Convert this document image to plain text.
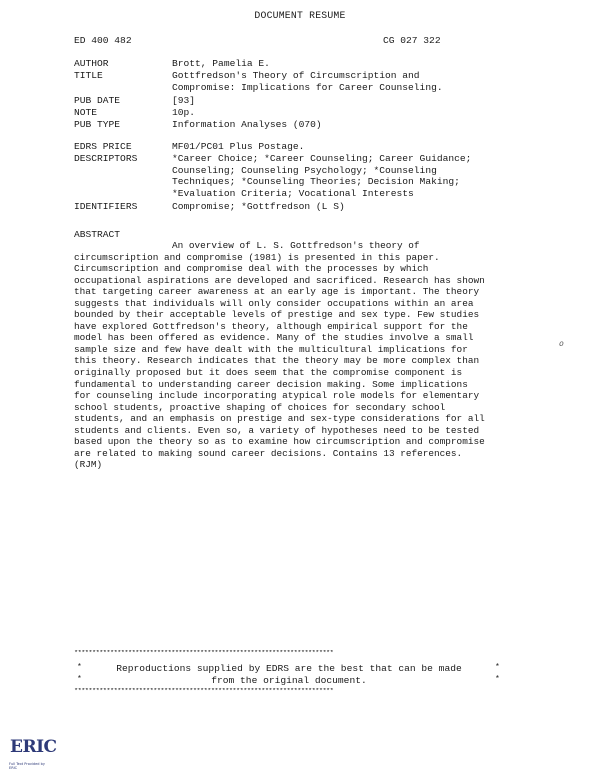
DOCUMENT RESUME
ED 400 482	CG 027 322
AUTHOR	Brott, Pamelia E.
TITLE	Gottfredson's Theory of Circumscription and Compromise: Implications for Career Counseling.
PUB DATE	[93]
NOTE	10p.
PUB TYPE	Information Analyses (070)
EDRS PRICE	MF01/PC01 Plus Postage.
DESCRIPTORS	*Career Choice; *Career Counseling; Career Guidance; Counseling; Counseling Psychology; *Counseling Techniques; *Counseling Theories; Decision Making; *Evaluation Criteria; Vocational Interests
IDENTIFIERS	Compromise; *Gottfredson (L S)
ABSTRACT
An overview of L. S. Gottfredson's theory of circumscription and compromise (1981) is presented in this paper. Circumscription and compromise deal with the processes by which occupational aspirations are developed and sacrificed. Research has shown that targeting career awareness at an early age is important. The theory suggests that individuals will only consider occupations within an area bounded by their acceptable levels of prestige and sex type. Few studies have explored Gottfredson's theory, although empirical support for the model has been offered as evidence. Many of the studies involve a small sample size and few have dealt with the multicultural implications for this theory. Research indicates that the theory may be more complex than originally proposed but it does seem that the compromise component is fundamental to understanding career decision making. Some implications for counseling include incorporating atypical role models for elementary school students, proactive shaping of choices for secondary school students, and an emphasis on prestige and sex-type considerations for all students and clients. Even so, a variety of hypotheses need to be tested based upon the theory so as to examine how circumscription and compromise are related to making sound career decisions. Contains 13 references. (RJM)
o
************************************************************************
Reproductions supplied by EDRS are the best that can be made
from the original document.
*
*
*
*
************************************************************************
ERIC
Full Text Provided by ERIC
